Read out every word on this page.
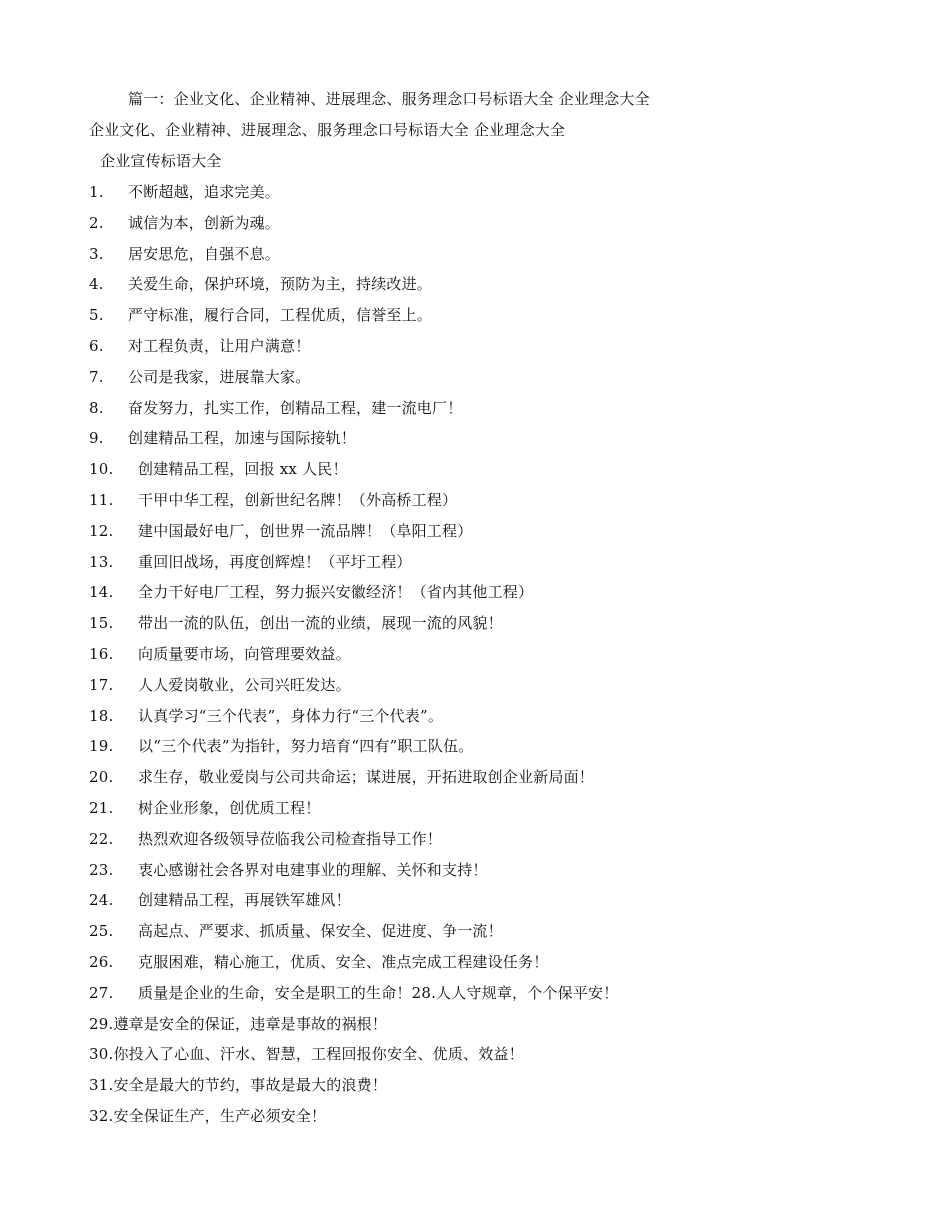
篇一：企业文化、企业精神、进展理念、服务理念口号标语大全 企业理念大全
企业文化、企业精神、进展理念、服务理念口号标语大全 企业理念大全
企业宣传标语大全
1. 不断超越，追求完美。
2. 诚信为本，创新为魂。
3. 居安思危，自强不息。
4. 关爱生命，保护环境，预防为主，持续改进。
5. 严守标准，履行合同，工程优质，信誉至上。
6. 对工程负责，让用户满意！
7. 公司是我家，进展靠大家。
8. 奋发努力，扎实工作，创精品工程，建一流电厂！
9. 创建精品工程，加速与国际接轨！
10. 创建精品工程，回报 xx 人民！
11. 干甲中华工程，创新世纪名牌！（外高桥工程）
12. 建中国最好电厂，创世界一流品牌！（阜阳工程）
13. 重回旧战场，再度创辉煌！（平圩工程）
14. 全力干好电厂工程，努力振兴安徽经济！（省内其他工程）
15. 带出一流的队伍，创出一流的业绩，展现一流的风貌！
16. 向质量要市场，向管理要效益。
17. 人人爱岗敬业，公司兴旺发达。
18. 认真学习“三个代表”，身体力行“三个代表”。
19. 以“三个代表”为指针，努力培育“四有”职工队伍。
20. 求生存，敬业爱岗与公司共命运；谋进展，开拓进取创企业新局面！
21. 树企业形象，创优质工程！
22. 热烈欢迎各级领导莅临我公司检查指导工作！
23. 衷心感谢社会各界对电建事业的理解、关怀和支持！
24. 创建精品工程，再展铁军雄风！
25. 高起点、严要求、抓质量、保安全、促进度、争一流！
26. 克服困难，精心施工，优质、安全、准点完成工程建设任务！
27. 质量是企业的生命，安全是职工的生命！28.人人守规章，个个保平安！
29.遵章是安全的保证，违章是事故的祸根！
30.你投入了心血、汗水、智慧，工程回报你安全、优质、效益！
31.安全是最大的节约，事故是最大的浪费！
32.安全保证生产，生产必须安全！
